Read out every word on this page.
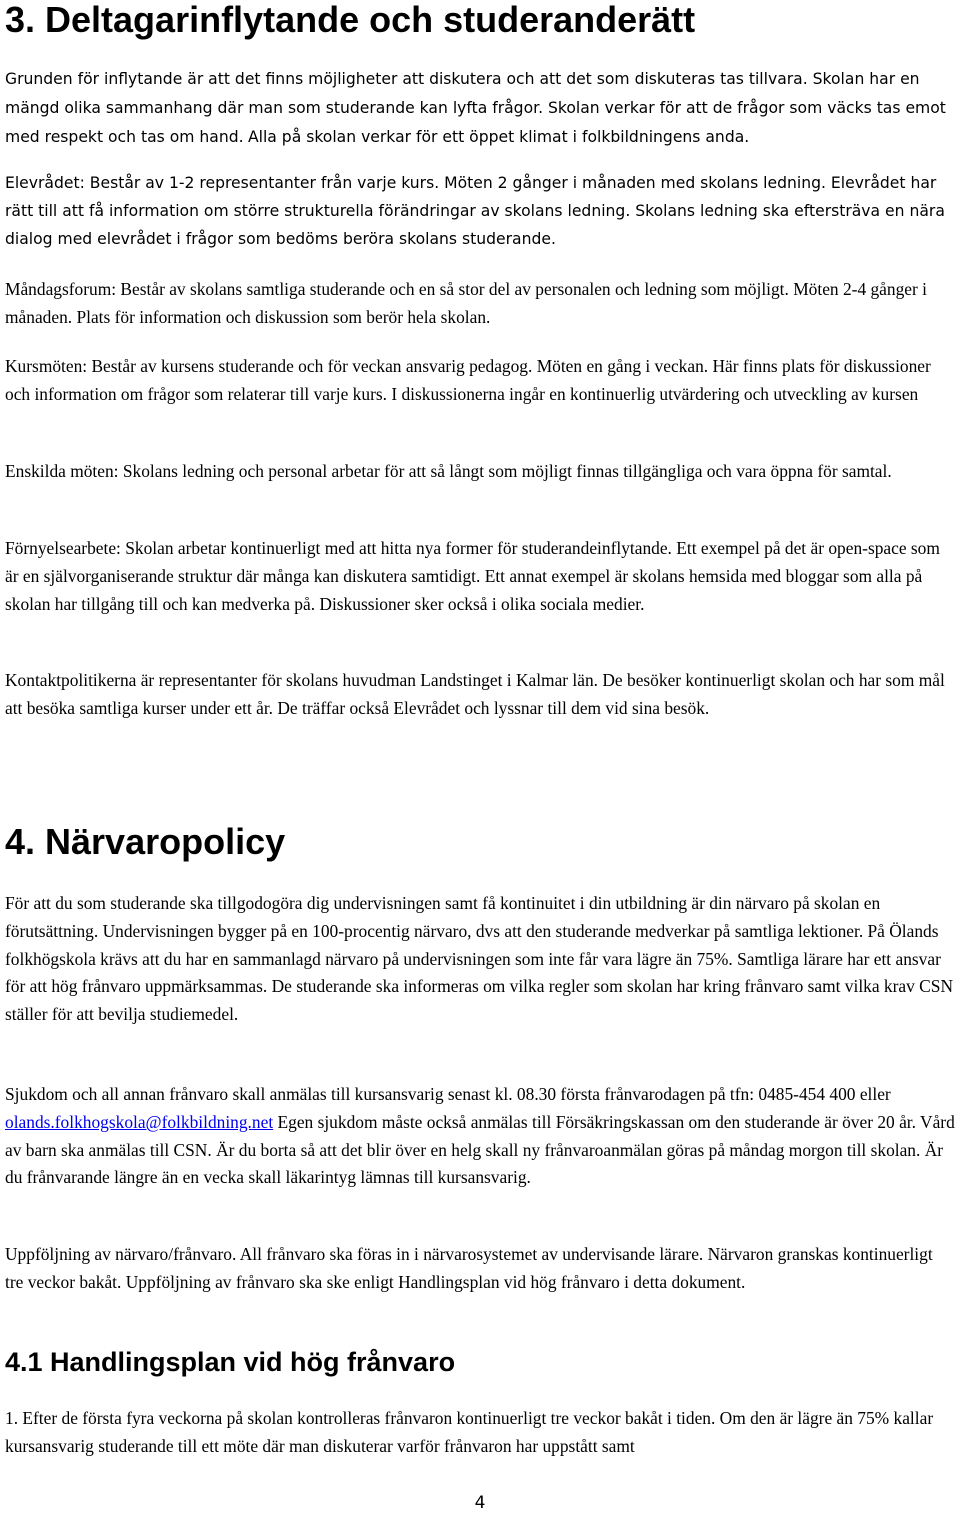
3. Deltagarinflytande och studeranderätt

Grunden för inflytande är att det finns möjligheter att diskutera och att det som diskuteras tas tillvara. Skolan har en mängd olika sammanhang där man som studerande kan lyfta frågor. Skolan verkar för att de frågor som väcks tas emot med respekt och tas om hand. Alla på skolan verkar för ett öppet klimat i folkbildningens anda.

Elevrådet: Består av 1-2 representanter från varje kurs. Möten 2 gånger i månaden med skolans ledning. Elevrådet har rätt till att få information om större strukturella förändringar av skolans ledning. Skolans ledning ska eftersträva en nära dialog med elevrådet i frågor som bedöms beröra skolans studerande.

Måndagsforum: Består av skolans samtliga studerande och en så stor del av personalen och ledning som möjligt. Möten 2-4 gånger i månaden. Plats för information och diskussion som berör hela skolan.

Kursmöten: Består av kursens studerande och för veckan ansvarig pedagog. Möten en gång i veckan. Här finns plats för diskussioner och information om frågor som relaterar till varje kurs. I diskussionerna ingår en kontinuerlig utvärdering och utveckling av kursen

Enskilda möten: Skolans ledning och personal arbetar för att så långt som möjligt finnas tillgängliga och vara öppna för samtal.

Förnyelsearbete: Skolan arbetar kontinuerligt med att hitta nya former för studerandeinflytande. Ett exempel på det är open-space som är en självorganiserande struktur där många kan diskutera samtidigt. Ett annat exempel är skolans hemsida med bloggar som alla på skolan har tillgång till och kan medverka på. Diskussioner sker också i olika sociala medier.

Kontaktpolitikerna är representanter för skolans huvudman Landstinget i Kalmar län. De besöker kontinuerligt skolan och har som mål att besöka samtliga kurser under ett år. De träffar också Elevrådet och lyssnar till dem vid sina besök.

4. Närvaropolicy

För att du som studerande ska tillgodogöra dig undervisningen samt få kontinuitet i din utbildning är din närvaro på skolan en förutsättning. Undervisningen bygger på en 100-procentig närvaro, dvs att den studerande medverkar på samtliga lektioner. På Ölands folkhögskola krävs att du har en sammanlagd närvaro på undervisningen som inte får vara lägre än 75%. Samtliga lärare har ett ansvar för att hög frånvaro uppmärksammas. De studerande ska informeras om vilka regler som skolan har kring frånvaro samt vilka krav CSN ställer för att bevilja studiemedel.

Sjukdom och all annan frånvaro skall anmälas till kursansvarig senast kl. 08.30 första frånvarodagen på tfn: 0485-454 400 eller olands.folkhogskola@folkbildning.net Egen sjukdom måste också anmälas till Försäkringskassan om den studerande är över 20 år. Vård av barn ska anmälas till CSN. Är du borta så att det blir över en helg skall ny frånvaroanmälan göras på måndag morgon till skolan. Är du frånvarande längre än en vecka skall läkarintyg lämnas till kursansvarig.

Uppföljning av närvaro/frånvaro. All frånvaro ska föras in i närvarosystemet av undervisande lärare. Närvaron granskas kontinuerligt tre veckor bakåt. Uppföljning av frånvaro ska ske enligt Handlingsplan vid hög frånvaro i detta dokument.

4.1 Handlingsplan vid hög frånvaro

1. Efter de första fyra veckorna på skolan kontrolleras frånvaron kontinuerligt tre veckor bakåt i tiden. Om den är lägre än 75% kallar kursansvarig studerande till ett möte där man diskuterar varför frånvaron har uppstått samt

4
